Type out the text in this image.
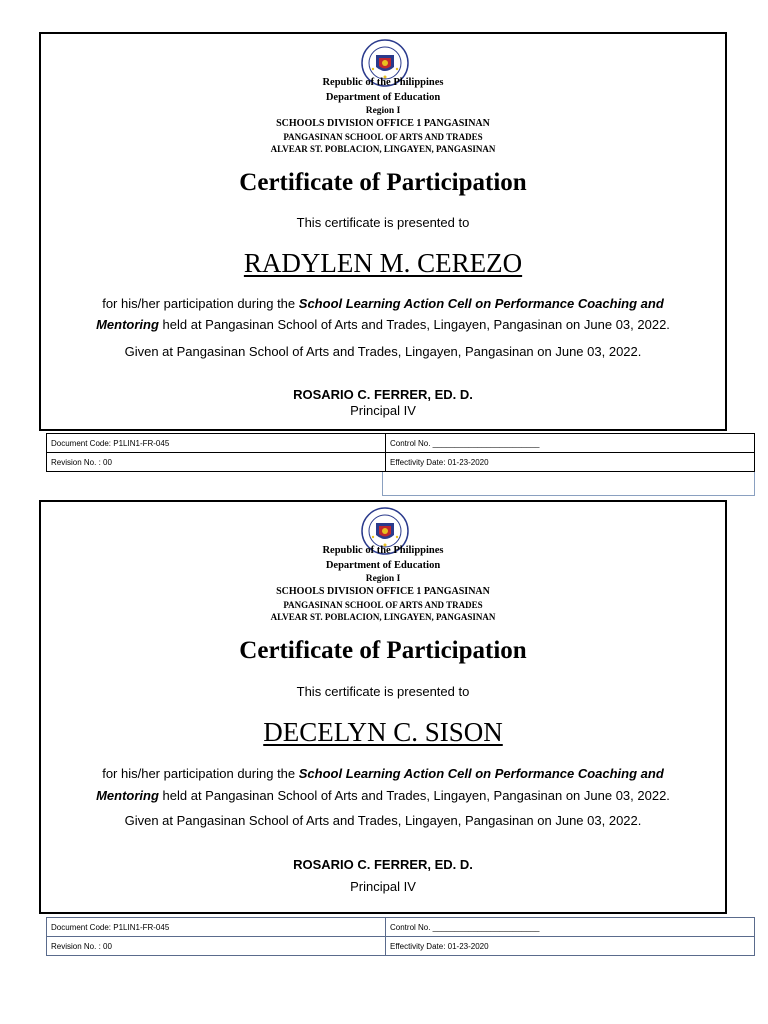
Republic of the Philippines
Department of Education
Region I
SCHOOLS DIVISION OFFICE 1 PANGASINAN
PANGASINAN SCHOOL OF ARTS AND TRADES
ALVEAR ST. POBLACION, LINGAYEN, PANGASINAN
Certificate of Participation
This certificate is presented to
RADYLEN M. CEREZO
for his/her participation during the School Learning Action Cell on Performance Coaching and
Mentoring held at Pangasinan School of Arts and Trades, Lingayen, Pangasinan on June 03, 2022.
Given at Pangasinan School of Arts and Trades, Lingayen, Pangasinan on June 03, 2022.
ROSARIO C. FERRER, ED. D.
Principal IV
Document Code: P1LIN1-FR-045	Control No. ________________________
Revision No. : 00	Effectivity Date: 01-23-2020
Republic of the Philippines
Department of Education
Region I
SCHOOLS DIVISION OFFICE 1 PANGASINAN
PANGASINAN SCHOOL OF ARTS AND TRADES
ALVEAR ST. POBLACION, LINGAYEN, PANGASINAN
Certificate of Participation
This certificate is presented to
DECELYN C. SISON
for his/her participation during the School Learning Action Cell on Performance Coaching and
Mentoring held at Pangasinan School of Arts and Trades, Lingayen, Pangasinan on June 03, 2022.
Given at Pangasinan School of Arts and Trades, Lingayen, Pangasinan on June 03, 2022.
ROSARIO C. FERRER, ED. D.
Principal IV
Document Code: P1LIN1-FR-045	Control No. ________________________
Revision No. : 00	Effectivity Date: 01-23-2020
